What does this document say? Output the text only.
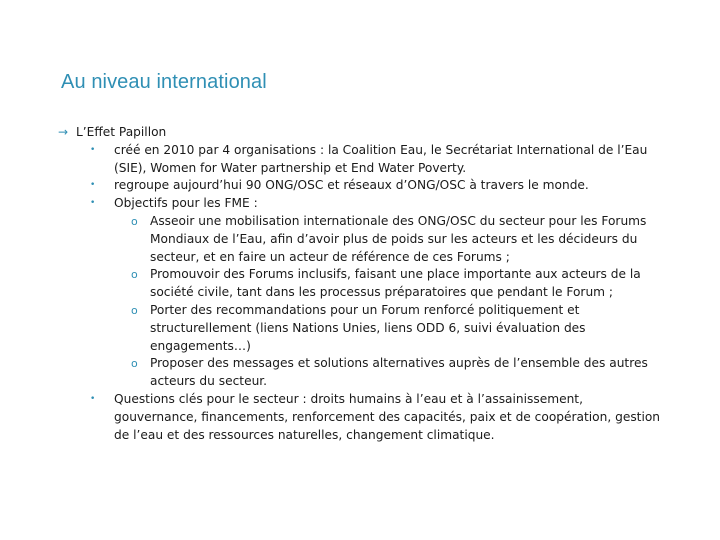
Au niveau international
→ L’Effet Papillon
• créé en 2010 par 4 organisations : la Coalition Eau, le Secrétariat International de l’Eau (SIE), Women for Water partnership et End Water Poverty.
• regroupe aujourd’hui 90 ONG/OSC et réseaux d’ONG/OSC à travers le monde.
• Objectifs pour les FME :
o Asseoir une mobilisation internationale des ONG/OSC du secteur pour les Forums Mondiaux de l’Eau, afin d’avoir plus de poids sur les acteurs et les décideurs du secteur, et en faire un acteur de référence de ces Forums ;
o Promouvoir des Forums inclusifs, faisant une place importante aux acteurs de la société civile, tant dans les processus préparatoires que pendant le Forum ;
o Porter des recommandations pour un Forum renforcé politiquement et structurellement (liens Nations Unies, liens ODD 6, suivi évaluation des engagements…)
o Proposer des messages et solutions alternatives auprès de l’ensemble des autres acteurs du secteur.
• Questions clés pour le secteur : droits humains à l’eau et à l’assainissement, gouvernance, financements, renforcement des capacités, paix et de coopération, gestion de l’eau et des ressources naturelles, changement climatique.
